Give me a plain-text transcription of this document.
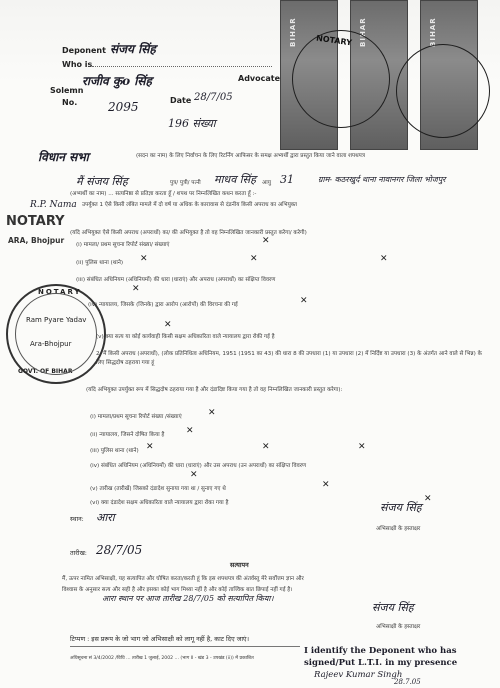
Deponent संजय सिंह
Who is
राजीव कुo सिंह	Advocate
Solemn
No.	2095	Date 28/7/05
196 संख्या
BIHAR	BIHAR	BIHAR
NOTARY
विधान सभा	(सदन का नाम) के लिए निर्वाचन के लिए रिटर्निंग आफिसर के समक्ष अभ्यर्थी द्वारा प्रस्तुत किया जाने वाला शपथपत्र
मैं संजय सिंह	पुत्र/ पुत्री/ पत्नी माधव सिंह आयु 31	ग्राम- कठरखुर्द थाना नावानगर जिला भोजपुर
(अभ्यर्थी का नाम) ... सत्यनिष्ठा से प्रतिज्ञा करता हूँ / शपथ पर निम्नलिखित कथन करता हूँ :-
R.P. Nama उपर्युक्त 1 ऐसे किसी लंबित मामले में दो वर्ष या अधिक के कारावास से दंडनीय किसी अपराध का अभियुक्त
NOTARY
ARA, Bhojpur
(यदि अभियुक्त ऐसे किसी अपराध (अपराधों) का/ की अभियुक्त है तो वह निम्नलिखित जानकारी प्रस्तुत करेगा/ करेगी)
(i) मामला/ प्रथम सूचना रिपोर्ट संख्या/ संख्याएं	✕
(ii) पुलिस थाना (थाने) ✕	✕	✕
(iii) संबंधित अधिनियम (अधिनियमों) की धारा (धाराएं) और अपराध (अपराधों) का संक्षिप्त विवरण
✕
(iv) न्यायालय, जिसके (जिनके) द्वारा आरोप (आरोपों) की विरचना की गई	✕
(v) क्या सत्य या कोई कार्यवाही किसी सक्षम अधिकारिता वाले न्यायालय द्वारा रोकी गई है
✕
2. मैं किसी अपराध (अपराधों), (लोक प्रतिनिधित्व अधिनियम, 1951 (1951 का 43) की धारा 8 की उपधारा (1) या उपधारा (2) में निर्दिष्ट या उपधारा (3) के अंतर्गत आने वाले से भिन्न) के लिए सिद्धदोष ठहराया गया हूं
(यदि अभियुक्त उपर्युक्त रूप में सिद्धदोष ठहराया गया है और दंडादिष्ट किया गया है तो वह निम्नलिखित जानकारी प्रस्तुत करेगा):
(i) मामला/प्रथम सूचना रिपोर्ट संख्या /संख्याएं	✕
(ii) न्यायालय, जिसने दोषित किया है ✕
(iii) पुलिस थाना (थाने) ✕	✕	✕
(iv) संबंधित अधिनियम (अधिनियमों) की धारा (धाराएं) और उस अपराध (उन अपराधों) का संक्षिप्त विवरण
✕
(v) तारीख (तारीखें) जिसको दंडादेश सुनाया गया था / सुनाए गए थे	✕
(vi) क्या दंडादेश सक्षम अधिकारिता वाले न्यायालय द्वारा रोका गया है	✕
स्थान: आरा
संजय सिंह
अभिसाक्षी के हस्ताक्षर
तारीख: 28/7/05
सत्यापन
मैं, ऊपर नामित अभिसाक्षी, यह सत्यापित और घोषित करता/करती हूं कि इस शपथपत्र की अंतर्वस्तु मेरे सर्वोत्तम ज्ञान और
विश्वास के अनुसार सत्य और सही है और इसका कोई भाग मिथ्या नहीं है और कोई तात्त्विक बात छिपाई नहीं गई है।
आरा स्थान पर आज तारीख 28/7/05 को सत्यापित किया।
संजय सिंह
अभिसाक्षी के हस्ताक्षर
टिप्पण : इस प्ररूप के जो भाग जो अभिसाक्षी को लागू नहीं है, काट दिए जाएं।
अधिसूचना सं 3/4/2002 /विधि ... तारीख 1 जुलाई, 2002 ... (भाग II - खंड 3 - उपखंड (ii)) में प्रकाशित
I identify the Deponent who has
signed/Put L.T.I. in my presence
Rajeev Kumar Singh
28.7.05
NOTARY
Ram Pyare Yadav
Ara-Bhojpur
GOVT. OF BIHAR
